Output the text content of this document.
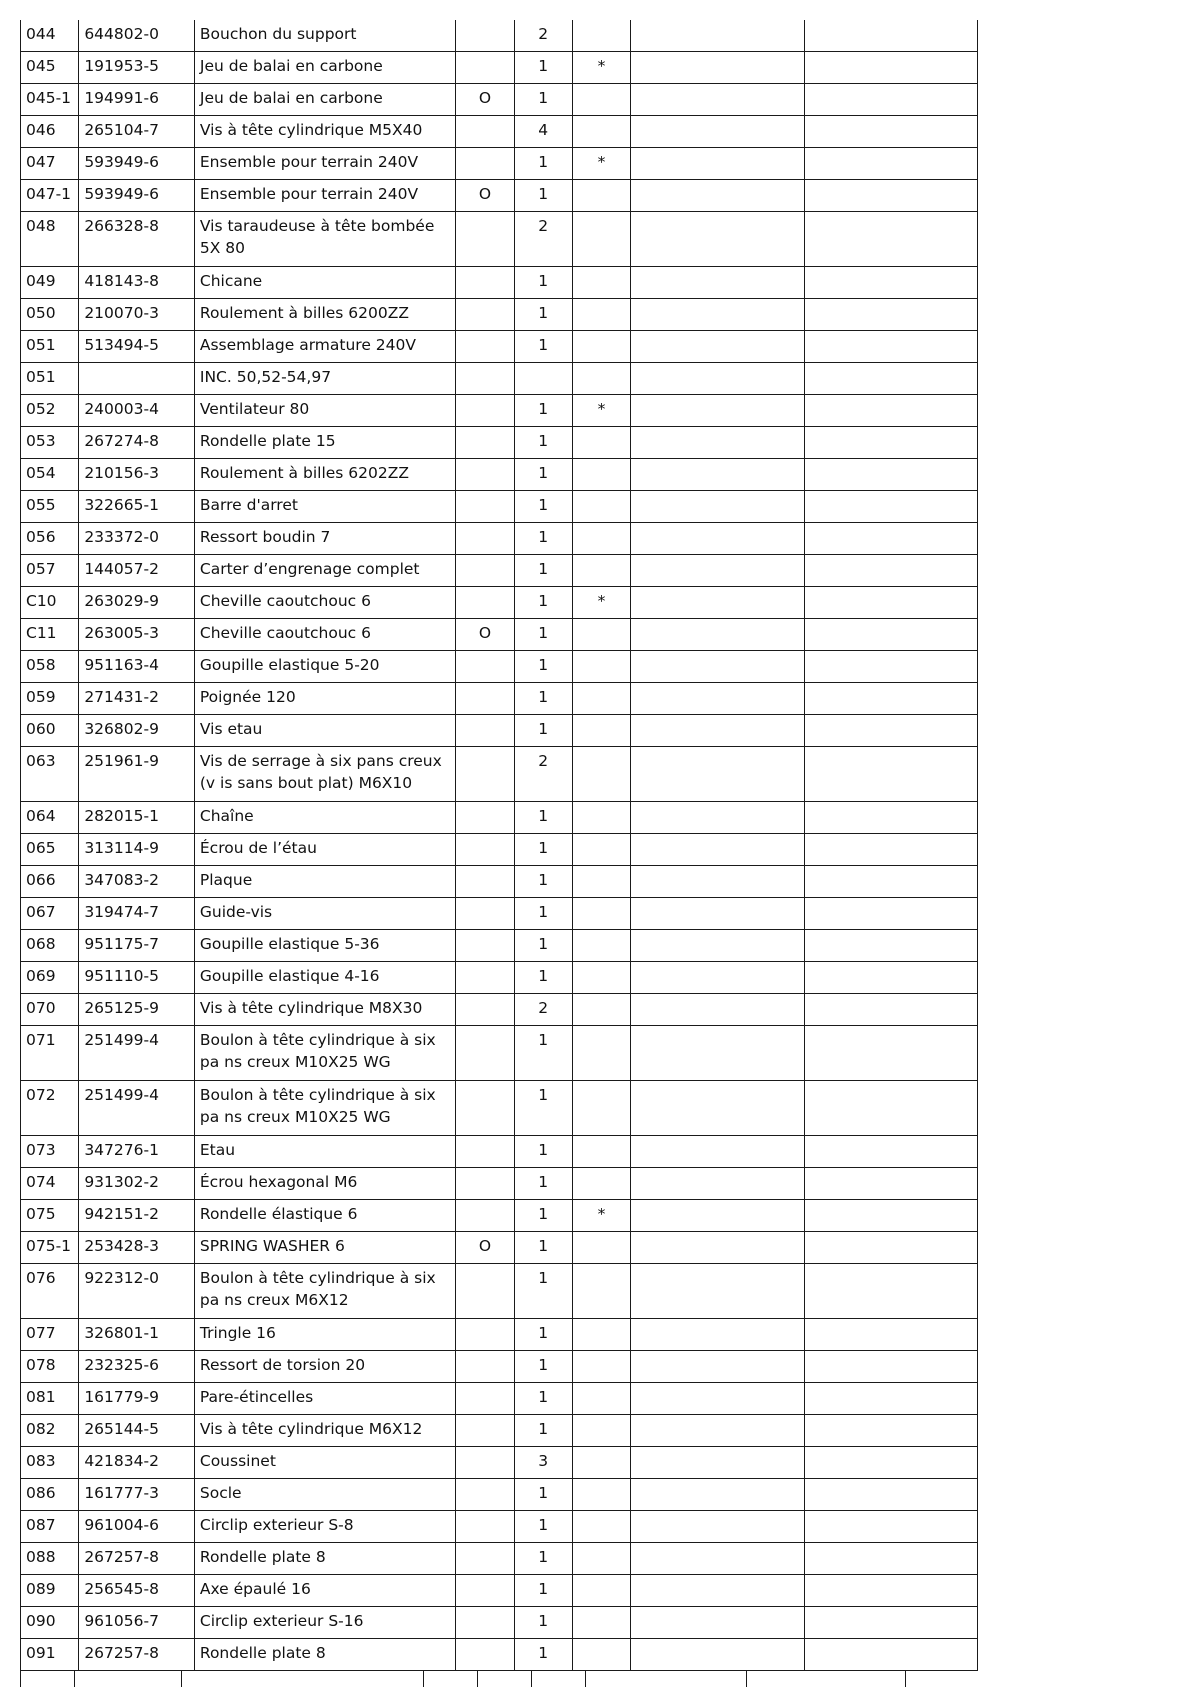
044	644802-0	Bouchon du support		2			
045	191953-5	Jeu de balai en carbone		1	*		
045-1	194991-6	Jeu de balai en carbone	O	1			
046	265104-7	Vis à tête cylindrique M5X40		4			
047	593949-6	Ensemble pour terrain 240V		1	*		
047-1	593949-6	Ensemble pour terrain 240V	O	1			
048	266328-8	Vis taraudeuse à tête bombée 5X 80		2			
049	418143-8	Chicane		1			
050	210070-3	Roulement à billes 6200ZZ		1			
051	513494-5	Assemblage armature 240V		1			
051		INC. 50,52-54,97					
052	240003-4	Ventilateur 80		1	*		
053	267274-8	Rondelle plate 15		1			
054	210156-3	Roulement à billes 6202ZZ		1			
055	322665-1	Barre d'arret		1			
056	233372-0	Ressort boudin 7		1			
057	144057-2	Carter d’engrenage complet		1			
C10	263029-9	Cheville caoutchouc 6		1	*		
C11	263005-3	Cheville caoutchouc 6	O	1			
058	951163-4	Goupille elastique 5-20		1			
059	271431-2	Poignée 120		1			
060	326802-9	Vis etau		1			
063	251961-9	Vis de serrage à six pans creux (v is sans bout plat) M6X10		2			
064	282015-1	Chaîne		1			
065	313114-9	Écrou de l’étau		1			
066	347083-2	Plaque		1			
067	319474-7	Guide-vis		1			
068	951175-7	Goupille elastique 5-36		1			
069	951110-5	Goupille elastique 4-16		1			
070	265125-9	Vis à tête cylindrique M8X30		2			
071	251499-4	Boulon à tête cylindrique à six pa ns creux M10X25 WG		1			
072	251499-4	Boulon à tête cylindrique à six pa ns creux M10X25 WG		1			
073	347276-1	Etau		1			
074	931302-2	Écrou hexagonal M6		1			
075	942151-2	Rondelle élastique 6		1	*		
075-1	253428-3	SPRING WASHER 6	O	1			
076	922312-0	Boulon à tête cylindrique à six pa ns creux M6X12		1			
077	326801-1	Tringle 16		1			
078	232325-6	Ressort de torsion 20		1			
081	161779-9	Pare-étincelles		1			
082	265144-5	Vis à tête cylindrique M6X12		1			
083	421834-2	Coussinet		3			
086	161777-3	Socle		1			
087	961004-6	Circlip exterieur S-8		1			
088	267257-8	Rondelle plate 8		1			
089	256545-8	Axe épaulé 16		1			
090	961056-7	Circlip exterieur S-16		1			
091	267257-8	Rondelle plate 8		1			
